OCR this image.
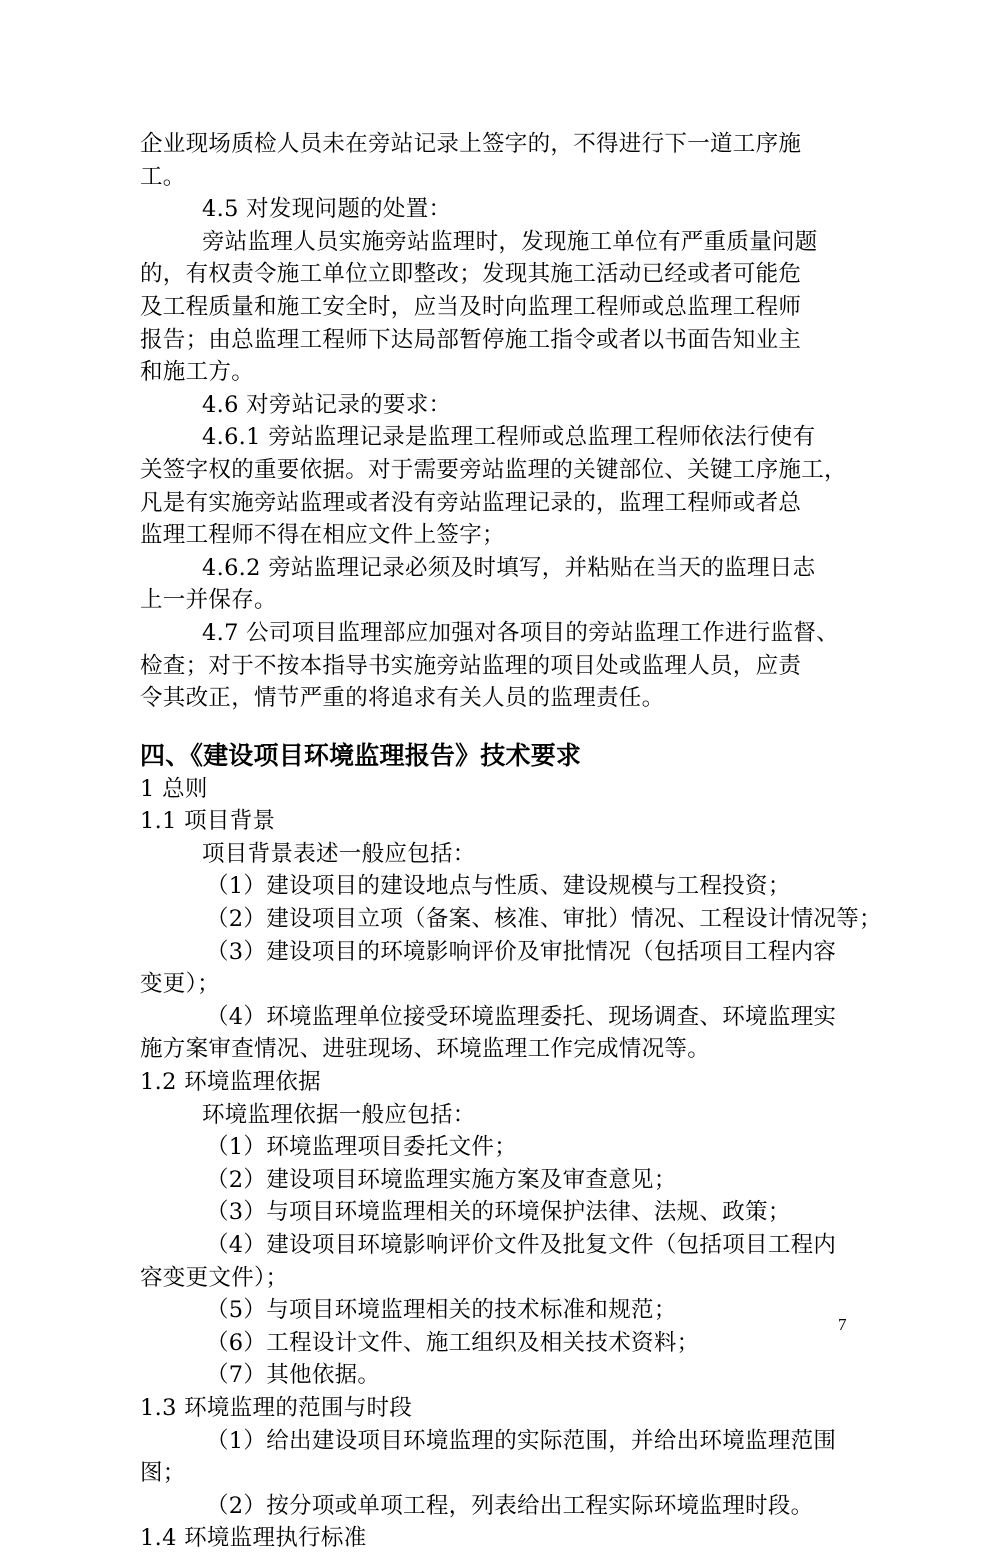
企业现场质检人员未在旁站记录上签字的，不得进行下一道工序施
工。
4.5 对发现问题的处置：
旁站监理人员实施旁站监理时，发现施工单位有严重质量问题
的，有权责令施工单位立即整改；发现其施工活动已经或者可能危
及工程质量和施工安全时，应当及时向监理工程师或总监理工程师
报告；由总监理工程师下达局部暂停施工指令或者以书面告知业主
和施工方。
4.6 对旁站记录的要求：
4.6.1 旁站监理记录是监理工程师或总监理工程师依法行使有
关签字权的重要依据。对于需要旁站监理的关键部位、关键工序施工，
凡是有实施旁站监理或者没有旁站监理记录的，监理工程师或者总
监理工程师不得在相应文件上签字；
4.6.2 旁站监理记录必须及时填写，并粘贴在当天的监理日志
上一并保存。
4.7 公司项目监理部应加强对各项目的旁站监理工作进行监督、
检查；对于不按本指导书实施旁站监理的项目处或监理人员，应责
令其改正，情节严重的将追求有关人员的监理责任。
四、《建设项目环境监理报告》技术要求
1 总则
1.1 项目背景
项目背景表述一般应包括：
（1）建设项目的建设地点与性质、建设规模与工程投资；
（2）建设项目立项（备案、核准、审批）情况、工程设计情况等；
（3）建设项目的环境影响评价及审批情况（包括项目工程内容
变更）；
（4）环境监理单位接受环境监理委托、现场调查、环境监理实
施方案审查情况、进驻现场、环境监理工作完成情况等。
1.2 环境监理依据
环境监理依据一般应包括：
（1）环境监理项目委托文件；
（2）建设项目环境监理实施方案及审查意见；
（3）与项目环境监理相关的环境保护法律、法规、政策；
（4）建设项目环境影响评价文件及批复文件（包括项目工程内
容变更文件）；
（5）与项目环境监理相关的技术标准和规范；
（6）工程设计文件、施工组织及相关技术资料；
（7）其他依据。
1.3 环境监理的范围与时段
（1）给出建设项目环境监理的实际范围，并给出环境监理范围
图；
（2）按分项或单项工程，列表给出工程实际环境监理时段。
1.4 环境监理执行标准
7
